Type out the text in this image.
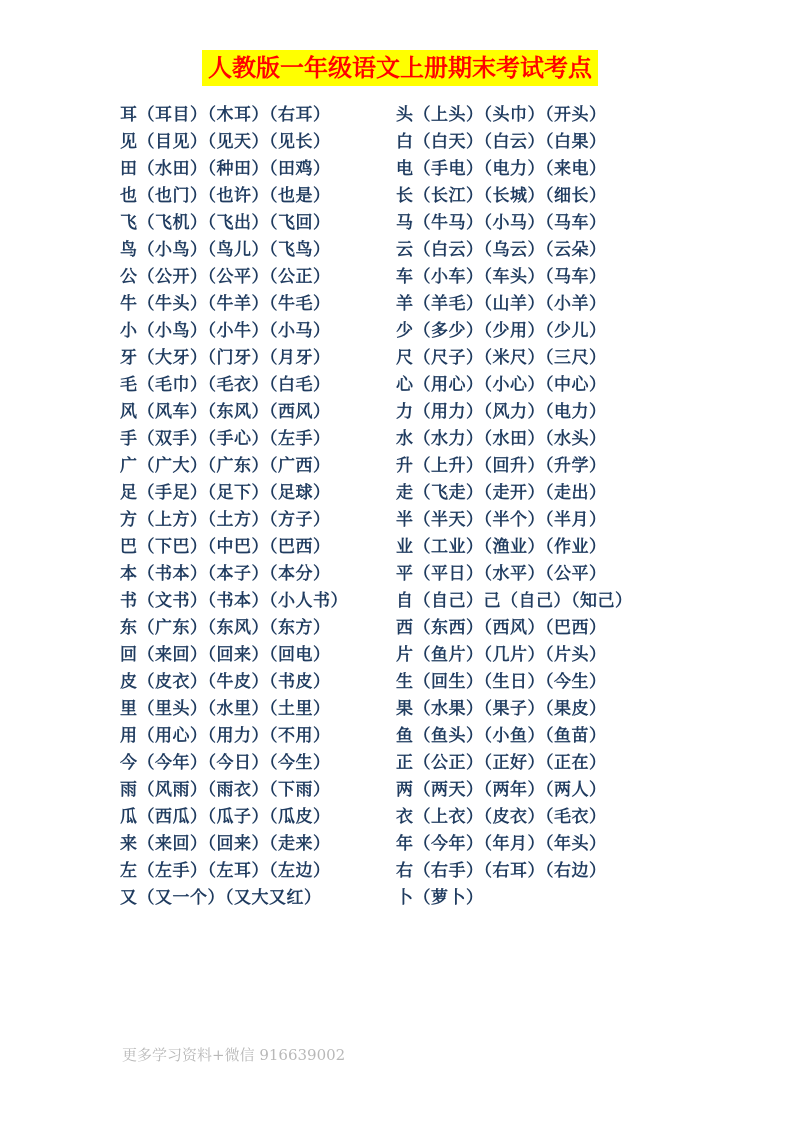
人教版一年级语文上册期末考试考点
耳（耳目）（木耳）（右耳）
见（目见）（见天）（见长）
田（水田）（种田）（田鸡）
也（也门）（也许）（也是）
飞（飞机）（飞出）（飞回）
鸟（小鸟）（鸟儿）（飞鸟）
公（公开）（公平）（公正）
牛（牛头）（牛羊）（牛毛）
小（小鸟）（小牛）（小马）
牙（大牙）（门牙）（月牙）
毛（毛巾）（毛衣）（白毛）
风（风车）（东风）（西风）
手（双手）（手心）（左手）
广（广大）（广东）（广西）
足（手足）（足下）（足球）
方（上方）（土方）（方子）
巴（下巴）（中巴）（巴西）
本（书本）（本子）（本分）
书（文书）（书本）（小人书）
东（广东）（东风）（东方）
回（来回）（回来）（回电）
皮（皮衣）（牛皮）（书皮）
里（里头）（水里）（土里）
用（用心）（用力）（不用）
今（今年）（今日）（今生）
雨（风雨）（雨衣）（下雨）
瓜（西瓜）（瓜子）（瓜皮）
来（来回）（回来）（走来）
左（左手）（左耳）（左边）
又（又一个）（又大又红）
头（上头）（头巾）（开头）
白（白天）（白云）（白果）
电（手电）（电力）（来电）
长（长江）（长城）（细长）
马（牛马）（小马）（马车）
云（白云）（乌云）（云朵）
车（小车）（车头）（马车）
羊（羊毛）（山羊）（小羊）
少（多少）（少用）（少儿）
尺（尺子）（米尺）（三尺）
心（用心）（小心）（中心）
力（用力）（风力）（电力）
水（水力）（水田）（水头）
升（上升）（回升）（升学）
走（飞走）（走开）（走出）
半（半天）（半个）（半月）
业（工业）（渔业）（作业）
平（平日）（水平）（公平）
自（自己）己（自己）（知己）
西（东西）（西风）（巴西）
片（鱼片）（几片）（片头）
生（回生）（生日）（今生）
果（水果）（果子）（果皮）
鱼（鱼头）（小鱼）（鱼苗）
正（公正）（正好）（正在）
两（两天）（两年）（两人）
衣（上衣）（皮衣）（毛衣）
年（今年）（年月）（年头）
右（右手）（右耳）（右边）
卜（萝卜）
更多学习资料+微信 916639002
